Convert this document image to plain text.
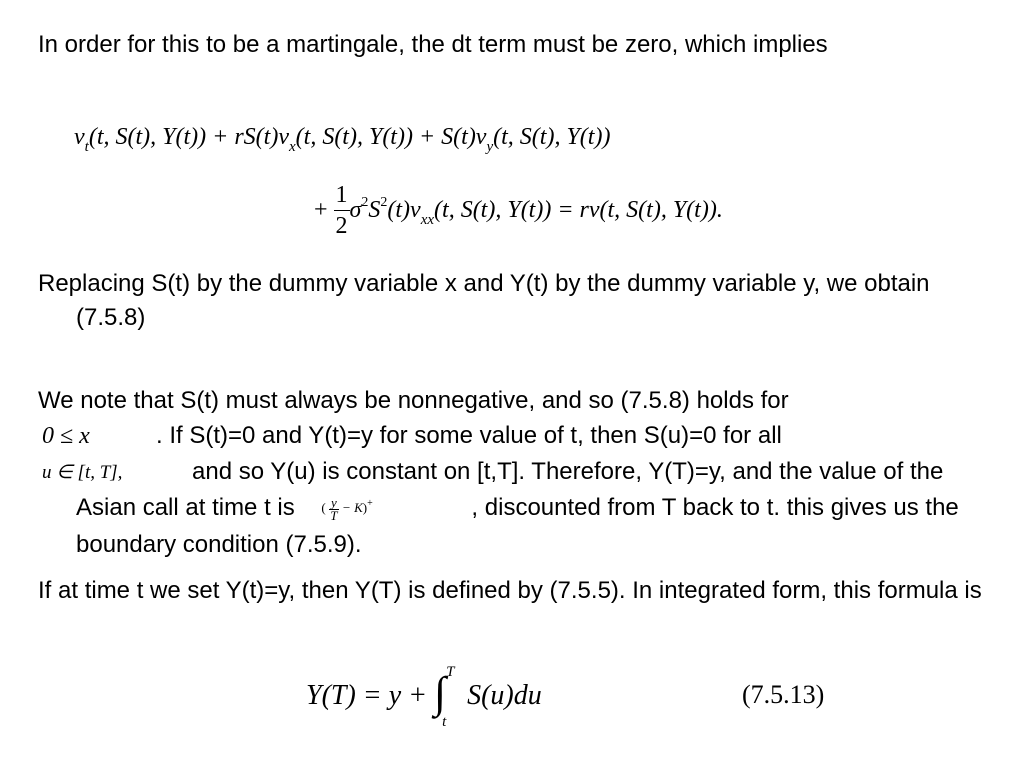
In order for this to be a martingale, the dt term must be zero, which implies
$v_t(t$, S(t), $Y(t)) + rS(t)v_x(t$, S(t), $Y(t)) + S(t)v_y(t$, S(t), Y(t))
+ $\frac{1}{2} \sigma^2S^2(t)v_{xx}(t$, S(t), Y(t)) = rv(t, S(t), Y(t)).
Replacing S(t) by the dummy variable x and Y(t) by the dummy variable y, we obtain (7.5.8)
We note that S(t) must always be nonnegative, and so (7.5.8) holds for
0 ≤ x	. If S(t)=0 and Y(t)=y for some value of t, then S(u)=0 for all
u ∈ [t, T],	and so Y(u) is constant on [t,T]. Therefore, Y(T)=y, and the value of the Asian call at time t is ( $\frac{y}{T} - K)^+$	, discounted from T back to t. this gives us the boundary condition (7.5.9).
If at time t we set Y(t)=y, then Y(T) is defined by (7.5.5). In integrated form, this formula is
Y(T) = y + ∫ T
t
S(u)du	(7.5.13)
